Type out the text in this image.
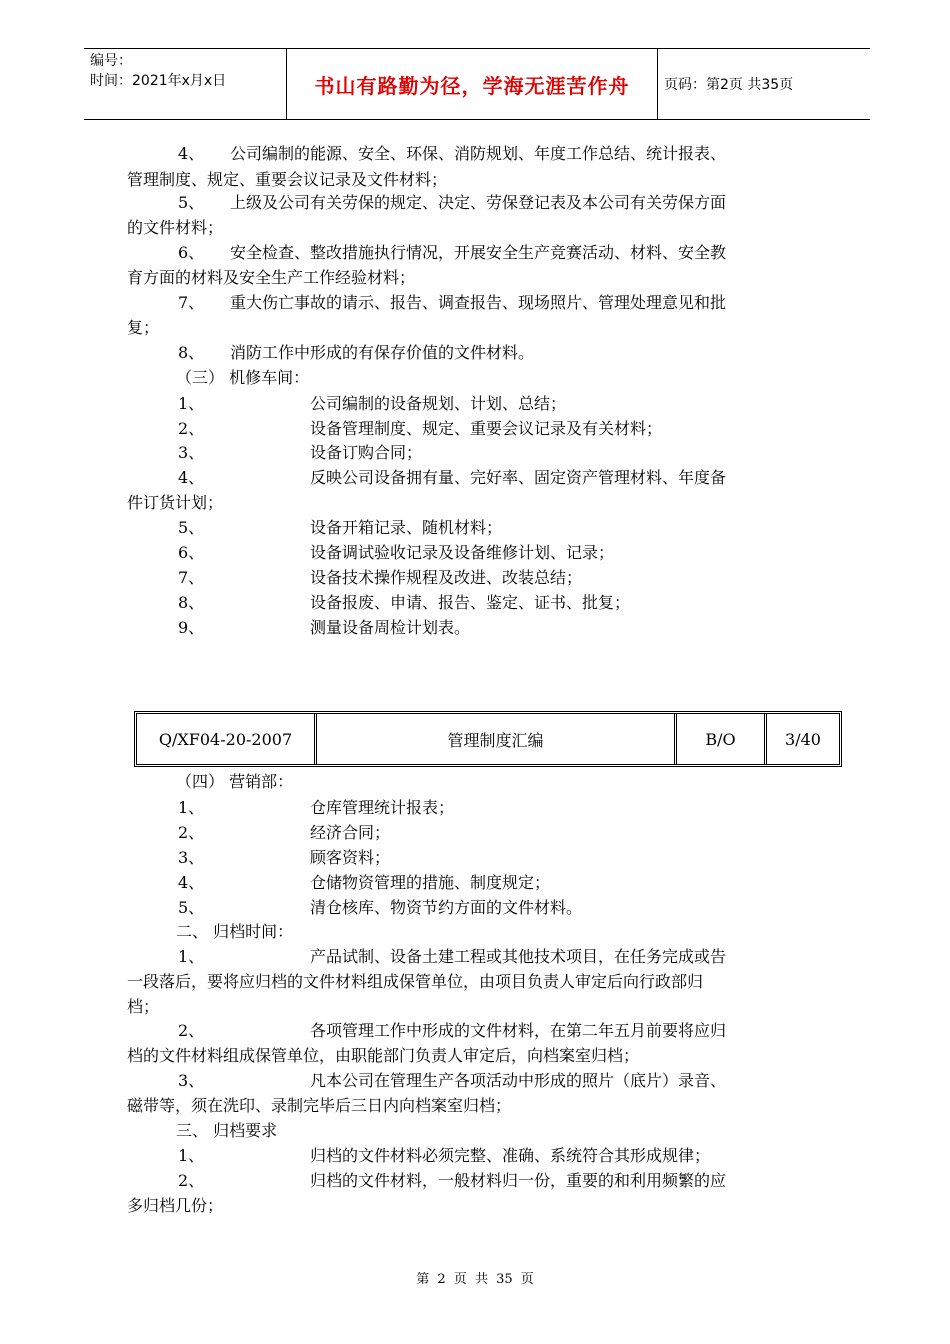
编号：
时间：2021年x月x日	书山有路勤为径，学海无涯苦作舟	页码：第2页 共35页
4、 公司编制的能源、安全、环保、消防规划、年度工作总结、统计报表、
管理制度、规定、重要会议记录及文件材料；
5、 上级及公司有关劳保的规定、决定、劳保登记表及本公司有关劳保方面
的文件材料；
6、 安全检查、整改措施执行情况，开展安全生产竞赛活动、材料、安全教
育方面的材料及安全生产工作经验材料；
7、 重大伤亡事故的请示、报告、调查报告、现场照片、管理处理意见和批
复；
8、 消防工作中形成的有保存价值的文件材料。
（三） 机修车间：
1、	公司编制的设备规划、计划、总结；
2、	设备管理制度、规定、重要会议记录及有关材料；
3、	设备订购合同；
4、	反映公司设备拥有量、完好率、固定资产管理材料、年度备
件订货计划；
5、	设备开箱记录、随机材料；
6、	设备调试验收记录及设备维修计划、记录；
7、	设备技术操作规程及改进、改装总结；
8、	设备报废、申请、报告、鉴定、证书、批复；
9、	测量设备周检计划表。
Q/XF04-20-2007	管理制度汇编	B/O	3/40
（四） 营销部：
1、	仓库管理统计报表；
2、	经济合同；
3、	顾客资料；
4、	仓储物资管理的措施、制度规定；
5、	清仓核库、物资节约方面的文件材料。
二、 归档时间：
1、	产品试制、设备土建工程或其他技术项目，在任务完成或告
一段落后，要将应归档的文件材料组成保管单位，由项目负责人审定后向行政部归
档；
2、	各项管理工作中形成的文件材料，在第二年五月前要将应归
档的文件材料组成保管单位，由职能部门负责人审定后，向档案室归档；
3、	凡本公司在管理生产各项活动中形成的照片（底片）录音、
磁带等，须在洗印、录制完毕后三日内向档案室归档；
三、 归档要求
1、	归档的文件材料必须完整、准确、系统符合其形成规律；
2、	归档的文件材料，一般材料归一份，重要的和利用频繁的应
多归档几份；
第 2 页 共 35 页
